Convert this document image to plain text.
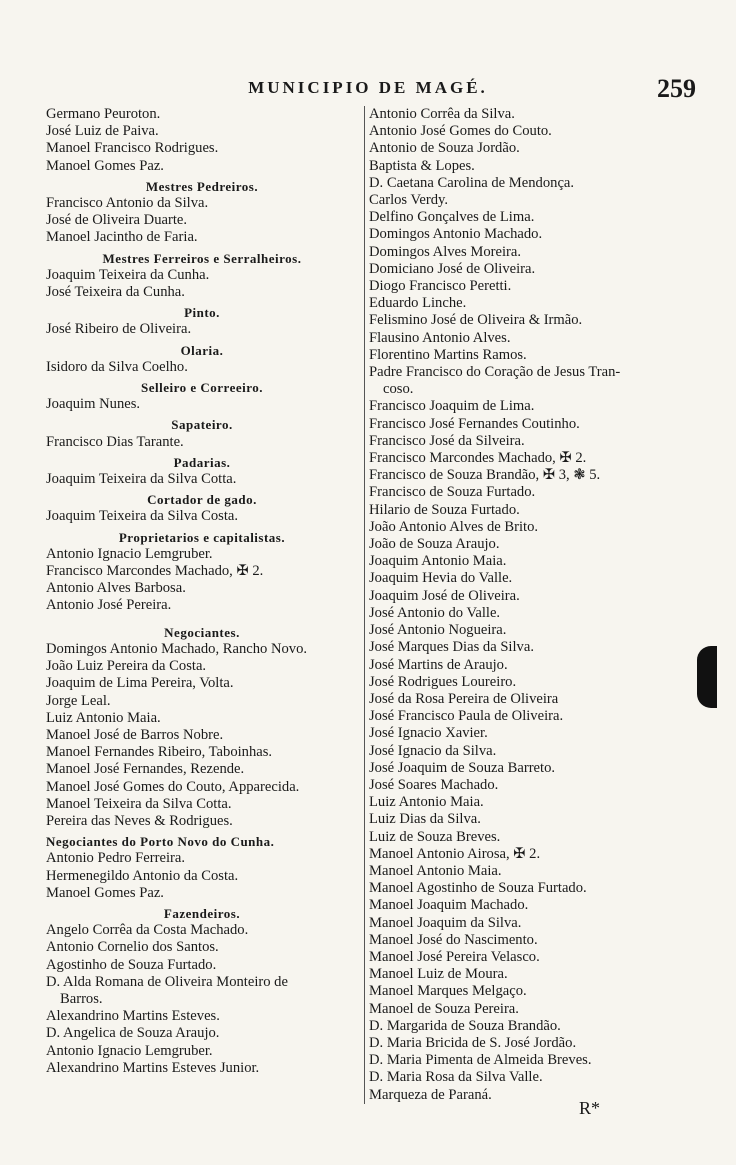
MUNICIPIO DE MAGÉ.	259
Germano Peuroton.
José Luiz de Paiva.
Manoel Francisco Rodrigues.
Manoel Gomes Paz.
Mestres Pedreiros.
Francisco Antonio da Silva.
José de Oliveira Duarte.
Manoel Jacintho de Faria.
Mestres Ferreiros e Serralheiros.
Joaquim Teixeira da Cunha.
José Teixeira da Cunha.
Pinto.
José Ribeiro de Oliveira.
Olaria.
Isidoro da Silva Coelho.
Selleiro e Correeiro.
Joaquim Nunes.
Sapateiro.
Francisco Dias Tarante.
Padarias.
Joaquim Teixeira da Silva Cotta.
Cortador de gado.
Joaquim Teixeira da Silva Costa.
Proprietarios e capitalistas.
Antonio Ignacio Lemgruber.
Francisco Marcondes Machado, ✠ 2.
Antonio Alves Barbosa.
Antonio José Pereira.
Negociantes.
Domingos Antonio Machado, Rancho Novo.
João Luiz Pereira da Costa.
Joaquim de Lima Pereira, Volta.
Jorge Leal.
Luiz Antonio Maia.
Manoel José de Barros Nobre.
Manoel Fernandes Ribeiro, Taboinhas.
Manoel José Fernandes, Rezende.
Manoel José Gomes do Couto, Apparecida.
Manoel Teixeira da Silva Cotta.
Pereira das Neves & Rodrigues.
Negociantes do Porto Novo do Cunha.
Antonio Pedro Ferreira.
Hermenegildo Antonio da Costa.
Manoel Gomes Paz.
Fazendeiros.
Angelo Corrêa da Costa Machado.
Antonio Cornelio dos Santos.
Agostinho de Souza Furtado.
D. Alda Romana de Oliveira Monteiro de
Barros.
Alexandrino Martins Esteves.
D. Angelica de Souza Araujo.
Antonio Ignacio Lemgruber.
Alexandrino Martins Esteves Junior.
Antonio Corrêa da Silva.
Antonio José Gomes do Couto.
Antonio de Souza Jordão.
Baptista & Lopes.
D. Caetana Carolina de Mendonça.
Carlos Verdy.
Delfino Gonçalves de Lima.
Domingos Antonio Machado.
Domingos Alves Moreira.
Domiciano José de Oliveira.
Diogo Francisco Peretti.
Eduardo Linche.
Felismino José de Oliveira & Irmão.
Flausino Antonio Alves.
Florentino Martins Ramos.
Padre Francisco do Coração de Jesus Tran-
coso.
Francisco Joaquim de Lima.
Francisco José Fernandes Coutinho.
Francisco José da Silveira.
Francisco Marcondes Machado, ✠ 2.
Francisco de Souza Brandão, ✠ 3, ❃ 5.
Francisco de Souza Furtado.
Hilario de Souza Furtado.
João Antonio Alves de Brito.
João de Souza Araujo.
Joaquim Antonio Maia.
Joaquim Hevia do Valle.
Joaquim José de Oliveira.
José Antonio do Valle.
José Antonio Nogueira.
José Marques Dias da Silva.
José Martins de Araujo.
José Rodrigues Loureiro.
José da Rosa Pereira de Oliveira
José Francisco Paula de Oliveira.
José Ignacio Xavier.
José Ignacio da Silva.
José Joaquim de Souza Barreto.
José Soares Machado.
Luiz Antonio Maia.
Luiz Dias da Silva.
Luiz de Souza Breves.
Manoel Antonio Airosa, ✠ 2.
Manoel Antonio Maia.
Manoel Agostinho de Souza Furtado.
Manoel Joaquim Machado.
Manoel Joaquim da Silva.
Manoel José do Nascimento.
Manoel José Pereira Velasco.
Manoel Luiz de Moura.
Manoel Marques Melgaço.
Manoel de Souza Pereira.
D. Margarida de Souza Brandão.
D. Maria Bricida de S. José Jordão.
D. Maria Pimenta de Almeida Breves.
D. Maria Rosa da Silva Valle.
Marqueza de Paraná.
R*
